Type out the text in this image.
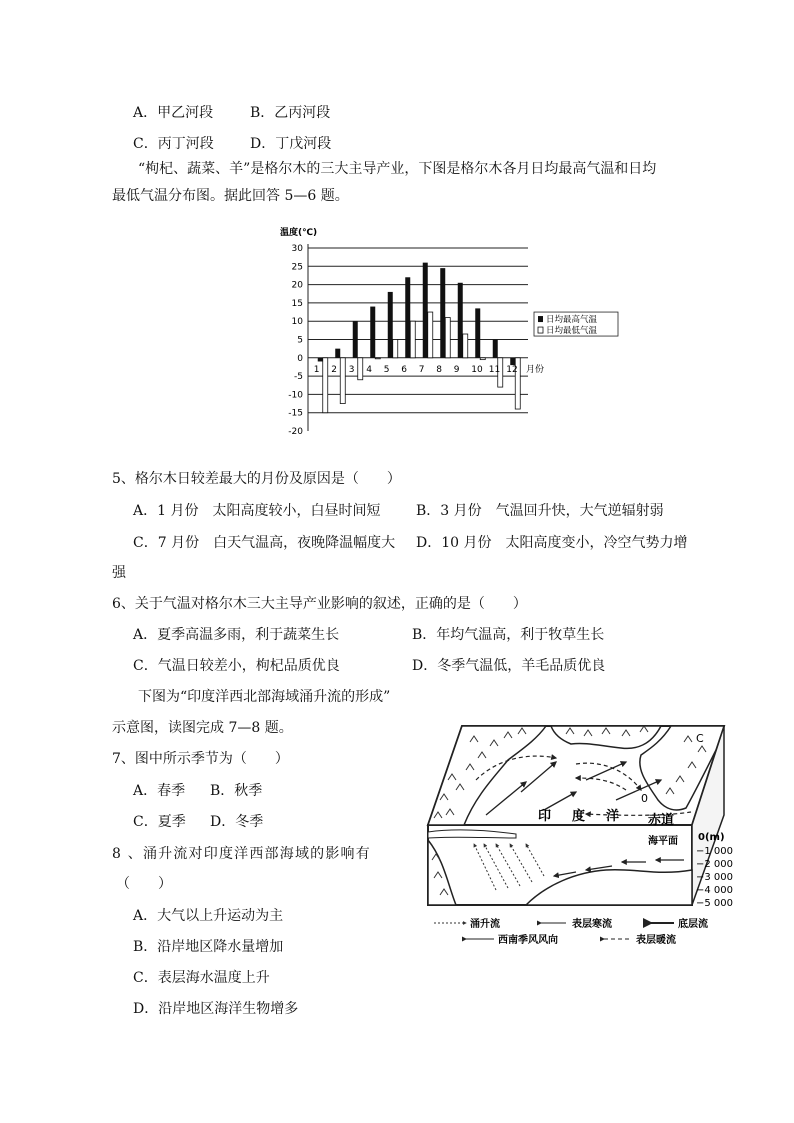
A．甲乙河段	B．乙丙河段
C．丙丁河段	D．丁戊河段
“枸杞、蔬菜、羊”是格尔木的三大主导产业，下图是格尔木各月日均最高气温和日均
最低气温分布图。据此回答 5—6 题。
30
25
20
15
10
5
0
-5
-10
-15
-20
温度(℃)
1 2 3 4 5 6 7 8 9 10 11 12 月份
日均最高气温
日均最低气温
5、格尔木日较差最大的月份及原因是（　　）
A．1 月份　太阳高度较小，白昼时间短	B．3 月份　气温回升快，大气逆辐射弱
C．7 月份　白天气温高，夜晚降温幅度大 D．10 月份　太阳高度变小，冷空气势力增
强
6、关于气温对格尔木三大主导产业影响的叙述，正确的是（　　）
A．夏季高温多雨，利于蔬菜生长	B．年均气温高，利于牧草生长
C．气温日较差小，枸杞品质优良	D．冬季气温低，羊毛品质优良
下图为“印度洋西北部海域涌升流的形成”
示意图，读图完成 7—8 题。
7、图中所示季节为（　　）
A．春季 B．秋季
C．夏季 D．冬季
8 、涌升流对印度洋西部海域的影响有
（　　）
A．大气以上升运动为主
B．沿岸地区降水量增加
C．表层海水温度上升
D．沿岸地区海洋生物增多
印 度 洋 赤道
C
0
海平面 0(m)
−1 000
−2 000
−3 000
−4 000
−5 000
涌升流	表层寒流	底层流
西南季风风向	表层暖流
